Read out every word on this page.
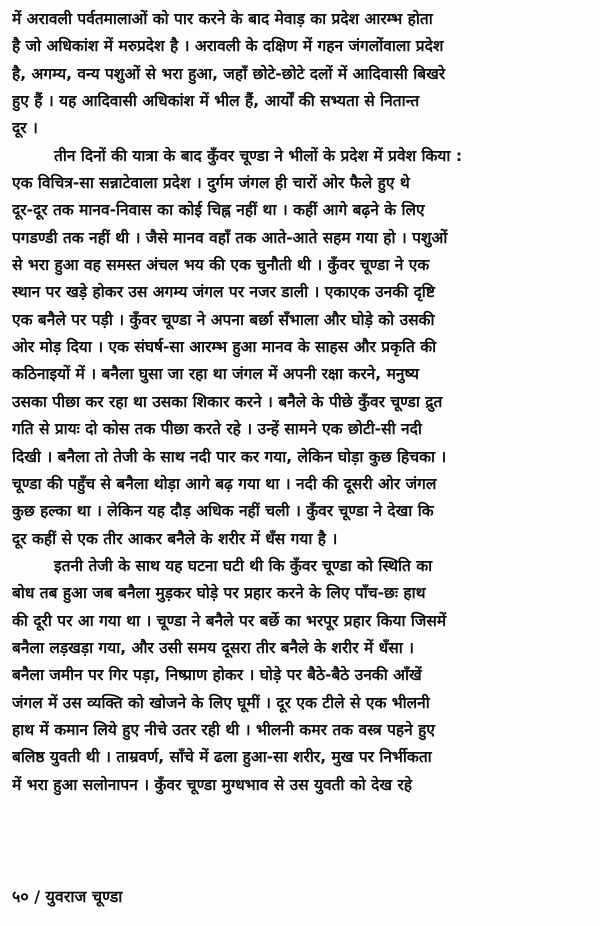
में अरावली पर्वतमालाओं को पार करने के बाद मेवाड़ का प्रदेश आरम्भ होता
है जो अधिकांश में मरुप्रदेश है । अरावली के दक्षिण में गहन जंगलोंवाला प्रदेश
है, अगम्य, वन्य पशुओं से भरा हुआ, जहाँ छोटे-छोटे दलों में आदिवासी बिखरे
हुए हैं । यह आदिवासी अधिकांश में भील हैं, आर्यों की सभ्यता से नितान्त
दूर ।
तीन दिनों की यात्रा के बाद कुँवर चूण्डा ने भीलों के प्रदेश में प्रवेश किया :
एक विचित्र-सा सन्नाटेवाला प्रदेश । दुर्गम जंगल ही चारों ओर फैले हुए थे
दूर-दूर तक मानव-निवास का कोई चिह्न नहीं था । कहीं आगे बढ़ने के लिए
पगडण्डी तक नहीं थी । जैसे मानव वहाँ तक आते-आते सहम गया हो । पशुओं
से भरा हुआ वह समस्त अंचल भय की एक चुनौती थी । कुँवर चूण्डा ने एक
स्थान पर खड़े होकर उस अगम्य जंगल पर नजर डाली । एकाएक उनकी दृष्टि
एक बनैले पर पड़ी । कुँवर चूण्डा ने अपना बर्छा सँभाला और घोड़े को उसकी
ओर मोड़ दिया । एक संघर्ष-सा आरम्भ हुआ मानव के साहस और प्रकृति की
कठिनाइयों में । बनैला घुसा जा रहा था जंगल में अपनी रक्षा करने, मनुष्य
उसका पीछा कर रहा था उसका शिकार करने । बनैले के पीछे कुँवर चूण्डा द्रुत
गति से प्रायः दो कोस तक पीछा करते रहे । उन्हें सामने एक छोटी-सी नदी
दिखी । बनैला तो तेजी के साथ नदी पार कर गया, लेकिन घोड़ा कुछ हिचका ।
चूण्डा की पहुँच से बनैला थोड़ा आगे बढ़ गया था । नदी की दूसरी ओर जंगल
कुछ हल्का था । लेकिन यह दौड़ अधिक नहीं चली । कुँवर चूण्डा ने देखा कि
दूर कहीं से एक तीर आकर बनैले के शरीर में धँस गया है ।
इतनी तेजी के साथ यह घटना घटी थी कि कुँवर चूण्डा को स्थिति का
बोध तब हुआ जब बनैला मुड़कर घोड़े पर प्रहार करने के लिए पाँच-छः हाथ
की दूरी पर आ गया था । चूण्डा ने बनैले पर बर्छे का भरपूर प्रहार किया जिसमें
बनैला लड़खड़ा गया, और उसी समय दूसरा तीर बनैले के शरीर में धँसा ।
बनैला जमीन पर गिर पड़ा, निष्प्राण होकर । घोड़े पर बैठे-बैठे उनकी आँखें
जंगल में उस व्यक्ति को खोजने के लिए घूमीं । दूर एक टीले से एक भीलनी
हाथ में कमान लिये हुए नीचे उतर रही थी । भीलनी कमर तक वस्त्र पहने हुए
बलिष्ठ युवती थी । ताम्रवर्ण, साँचे में ढला हुआ-सा शरीर, मुख पर निर्भीकता
में भरा हुआ सलोनापन । कुँवर चूण्डा मुग्धभाव से उस युवती को देख रहे
५० / युवराज चूण्डा
